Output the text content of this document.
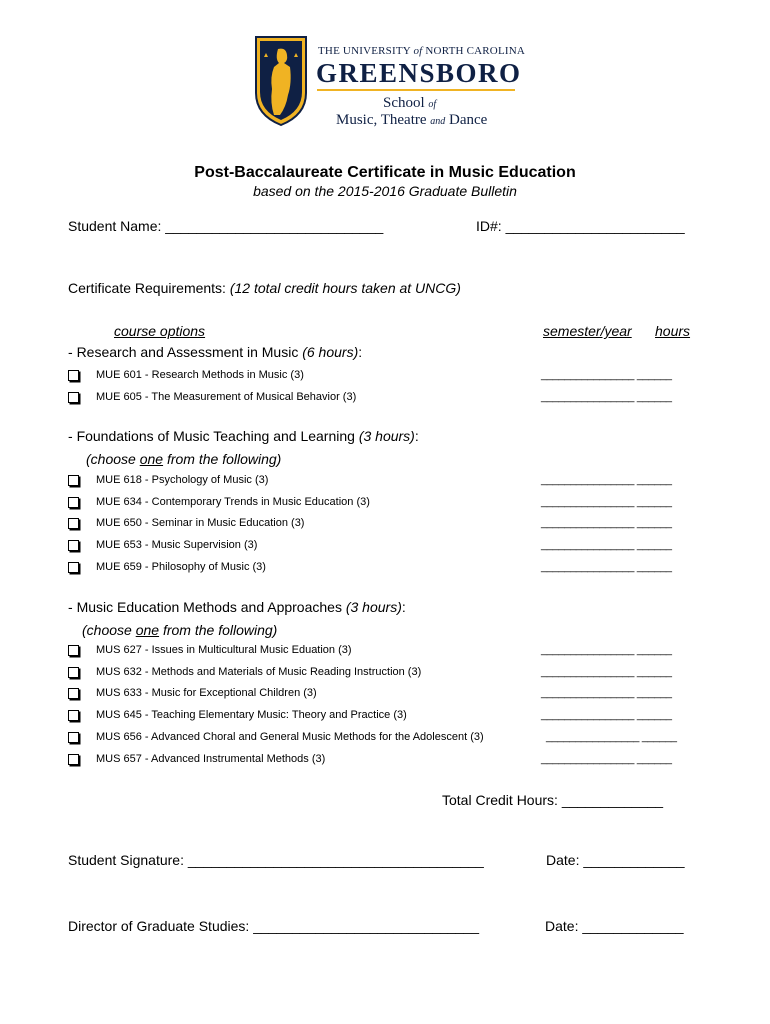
THE UNIVERSITY of NORTH CAROLINA
GREENSBORO
School of
Music, Theatre and Dance
Post-Baccalaureate Certificate in Music Education
based on the 2015-2016 Graduate Bulletin
Student Name: ____________________________	ID#: _______________________
Certificate Requirements: (12 total credit hours taken at UNCG)
course options	semester/year hours
- Research and Assessment in Music (6 hours):
MUE 601 - Research Methods in Music (3)	________________ ______
MUE 605 - The Measurement of Musical Behavior (3)	________________ ______
- Foundations of Music Teaching and Learning (3 hours):
(choose one from the following)
MUE 618 - Psychology of Music (3)	________________ ______
MUE 634 - Contemporary Trends in Music Education (3)	________________ ______
MUE 650 - Seminar in Music Education (3)	________________ ______
MUE 653 - Music Supervision (3)	________________ ______
MUE 659 - Philosophy of Music (3)	________________ ______
- Music Education Methods and Approaches (3 hours):
(choose one from the following)
MUS 627 - Issues in Multicultural Music Eduation (3)	________________ ______
MUS 632 - Methods and Materials of Music Reading Instruction (3)	________________ ______
MUS 633 - Music for Exceptional Children (3)	________________ ______
MUS 645 - Teaching Elementary Music: Theory and Practice (3)	________________ ______
MUS 656 - Advanced Choral and General Music Methods for the Adolescent (3)	________________ ______
MUS 657 - Advanced Instrumental Methods (3)	________________ ______
Total Credit Hours: _____________
Student Signature: ______________________________________	Date: _____________
Director of Graduate Studies: _____________________________	Date: _____________
